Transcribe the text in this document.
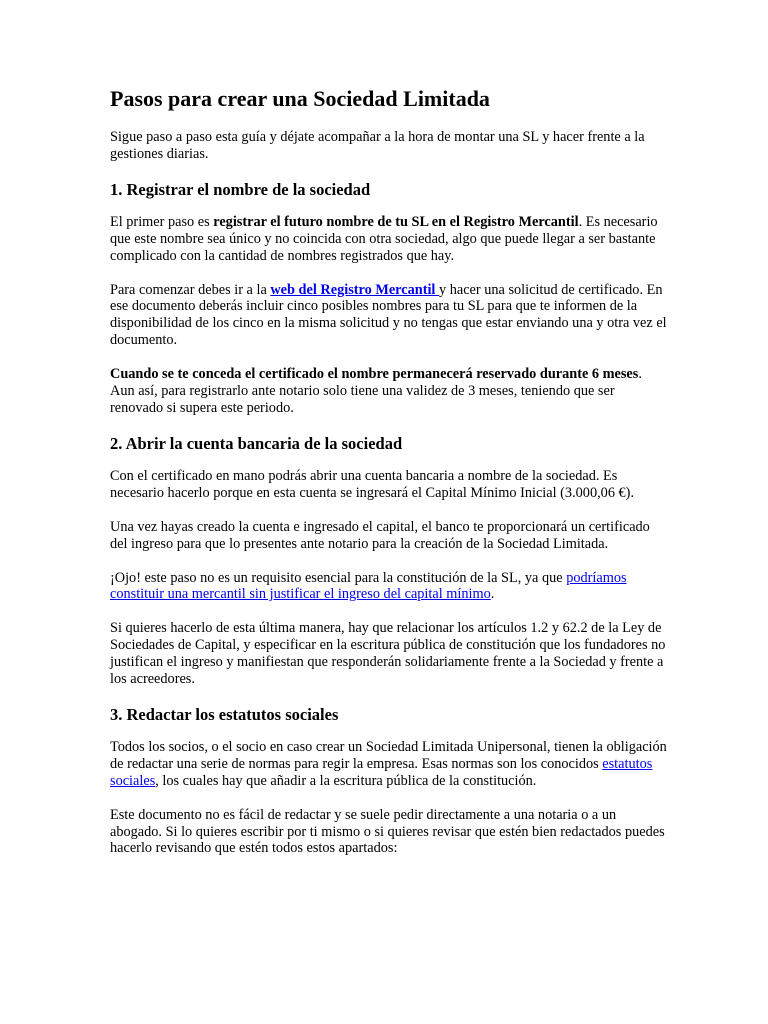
Pasos para crear una Sociedad Limitada

Sigue paso a paso esta guía y déjate acompañar a la hora de montar una SL y hacer frente a la gestiones diarias.

1. Registrar el nombre de la sociedad

El primer paso es registrar el futuro nombre de tu SL en el Registro Mercantil. Es necesario que este nombre sea único y no coincida con otra sociedad, algo que puede llegar a ser bastante complicado con la cantidad de nombres registrados que hay.

Para comenzar debes ir a la web del Registro Mercantil y hacer una solicitud de certificado. En ese documento deberás incluir cinco posibles nombres para tu SL para que te informen de la disponibilidad de los cinco en la misma solicitud y no tengas que estar enviando una y otra vez el documento.

Cuando se te conceda el certificado el nombre permanecerá reservado durante 6 meses. Aun así, para registrarlo ante notario solo tiene una validez de 3 meses, teniendo que ser renovado si supera este periodo.

2. Abrir la cuenta bancaria de la sociedad

Con el certificado en mano podrás abrir una cuenta bancaria a nombre de la sociedad. Es necesario hacerlo porque en esta cuenta se ingresará el Capital Mínimo Inicial (3.000,06 €).

Una vez hayas creado la cuenta e ingresado el capital, el banco te proporcionará un certificado del ingreso para que lo presentes ante notario para la creación de la Sociedad Limitada.

¡Ojo! este paso no es un requisito esencial para la constitución de la SL, ya que podríamos constituir una mercantil sin justificar el ingreso del capital mínimo.

Si quieres hacerlo de esta última manera, hay que relacionar los artículos 1.2 y 62.2 de la Ley de Sociedades de Capital, y especificar en la escritura pública de constitución que los fundadores no justifican el ingreso y manifiestan que responderán solidariamente frente a la Sociedad y frente a los acreedores.

3. Redactar los estatutos sociales

Todos los socios, o el socio en caso crear un Sociedad Limitada Unipersonal, tienen la obligación de redactar una serie de normas para regir la empresa. Esas normas son los conocidos estatutos sociales, los cuales hay que añadir a la escritura pública de la constitución.

Este documento no es fácil de redactar y se suele pedir directamente a una notaria o a un abogado. Si lo quieres escribir por ti mismo o si quieres revisar que estén bien redactados puedes hacerlo revisando que estén todos estos apartados:
